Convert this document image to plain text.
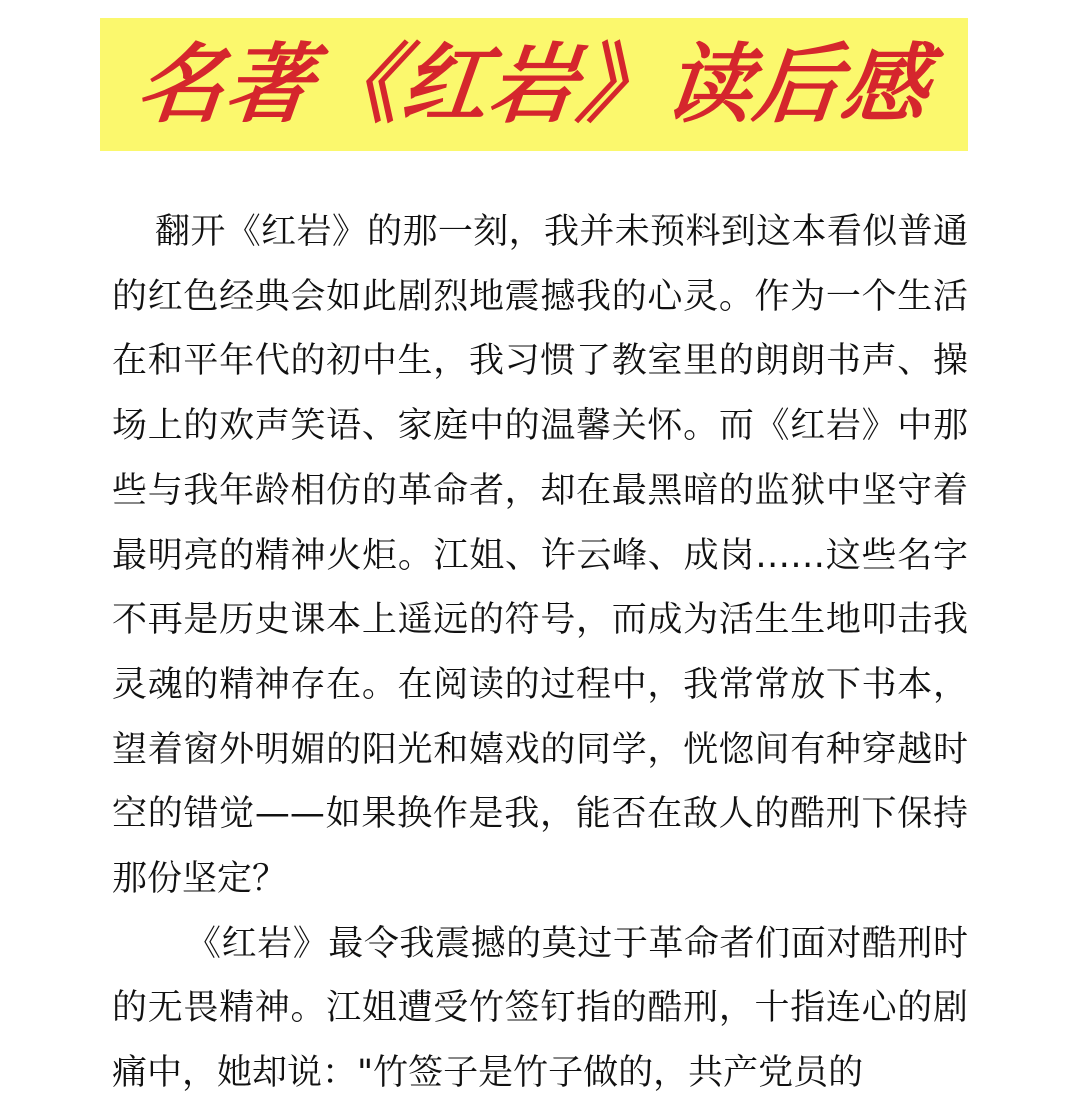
名著《红岩》读后感

翻开《红岩》的那一刻，我并未预料到这本看似普通的红色经典会如此剧烈地震撼我的心灵。作为一个生活在和平年代的初中生，我习惯了教室里的朗朗书声、操场上的欢声笑语、家庭中的温馨关怀。而《红岩》中那些与我年龄相仿的革命者，却在最黑暗的监狱中坚守着最明亮的精神火炬。江姐、许云峰、成岗……这些名字不再是历史课本上遥远的符号，而成为活生生地叩击我灵魂的精神存在。在阅读的过程中，我常常放下书本，望着窗外明媚的阳光和嬉戏的同学，恍惚间有种穿越时空的错觉——如果换作是我，能否在敌人的酷刑下保持那份坚定？

《红岩》最令我震撼的莫过于革命者们面对酷刑时的无畏精神。江姐遭受竹签钉指的酷刑，十指连心的剧痛中，她却说："竹签子是竹子做的，共产党员的
